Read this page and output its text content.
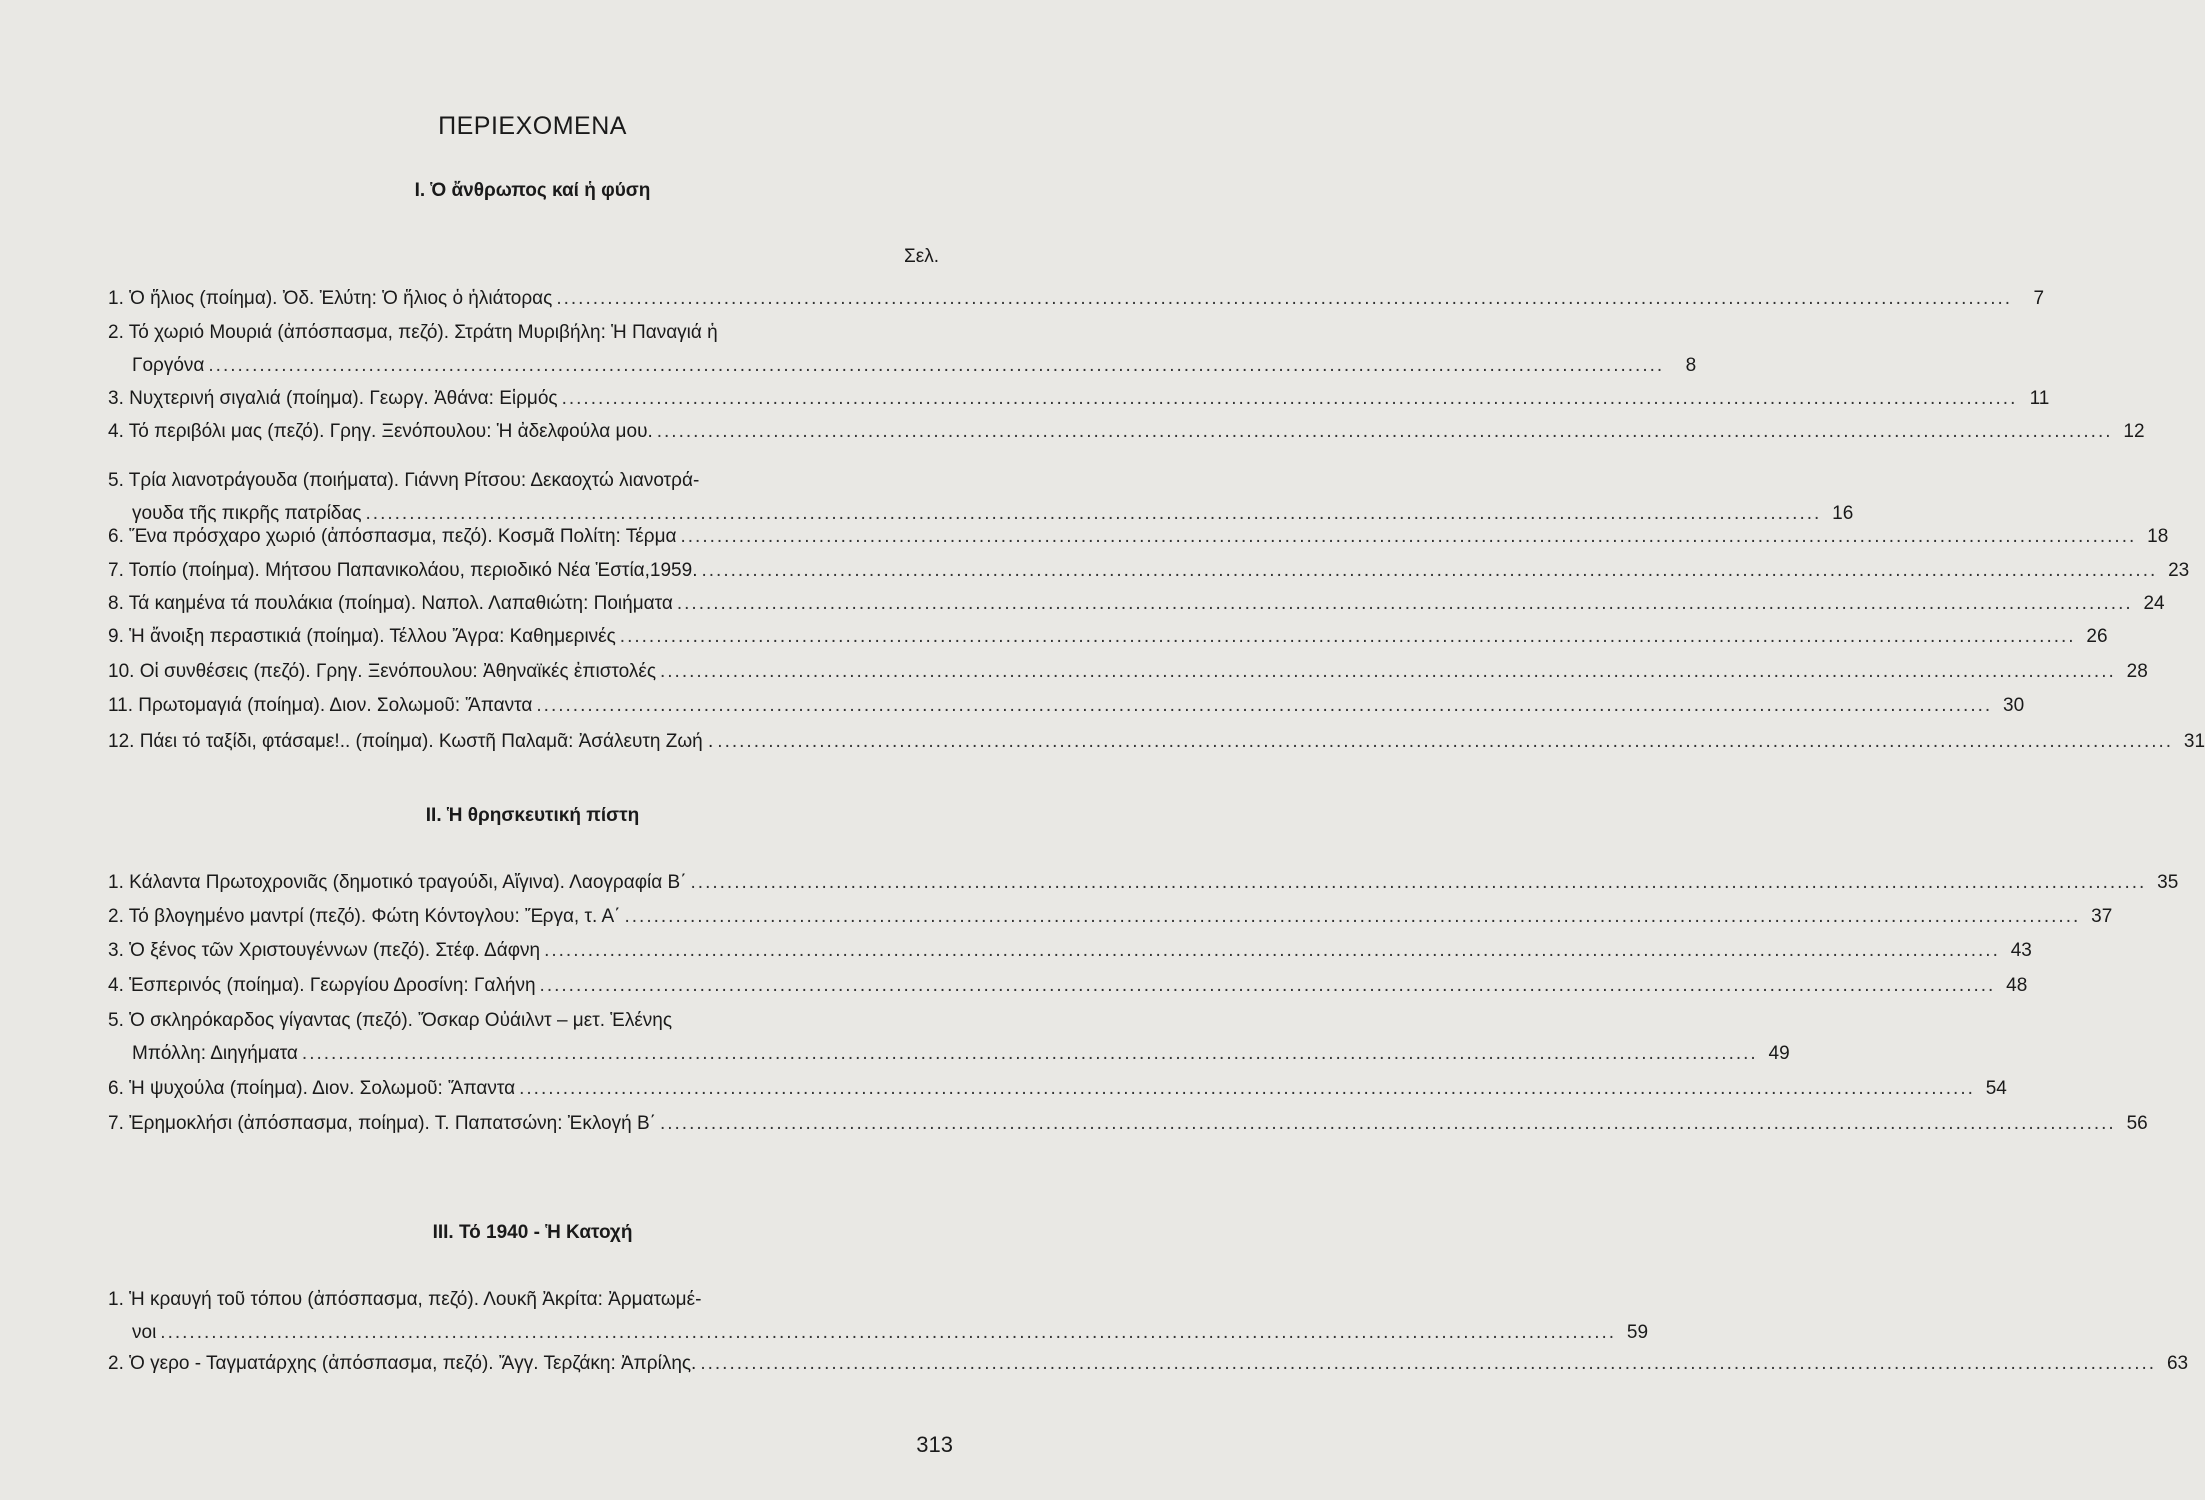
ΠΕΡΙΕΧΟΜΕΝΑ
I. Ὁ ἄνθρωπος καί ἡ φύση
Σελ.
1. Ὁ ἥλιος (ποίημα). Ὀδ. Ἐλύτη: Ὁ ἥλιος ὁ ἡλιάτορας ........................................................................................................................................................................................................	7
2. Τό χωριό Μουριά (ἀπόσπασμα, πεζό). Στράτη Μυριβήλη: Ἡ Παναγιά ἡ
Γοργόνα ........................................................................................................................................................................................................	8
3. Νυχτερινή σιγαλιά (ποίημα). Γεωργ. Ἀθάνα: Εἱρμός ........................................................................................................................................................................................................ 11
4. Τό περιβόλι μας (πεζό). Γρηγ. Ξενόπουλου: Ἡ ἀδελφούλα μου. ........................................................................................................................................................................................................ 12
5. Τρία λιανοτράγουδα (ποιήματα). Γιάννη Ρίτσου: Δεκαοχτώ λιανοτρά-
γουδα τῆς πικρῆς πατρίδας ........................................................................................................................................................................................................ 16
6. Ἕνα πρόσχαρο χωριό (ἀπόσπασμα, πεζό). Κοσμᾶ Πολίτη: Τέρμα ........................................................................................................................................................................................................ 18
7. Τοπίο (ποίημα). Μήτσου Παπανικολάου, περιοδικό Νέα Ἑστία,1959. ........................................................................................................................................................................................................ 23
8. Τά καημένα τά πουλάκια (ποίημα). Ναπολ. Λαπαθιώτη: Ποιήματα ........................................................................................................................................................................................................ 24
9. Ἡ ἄνοιξη περαστικιά (ποίημα). Τέλλου Ἄγρα: Καθημερινές ........................................................................................................................................................................................................ 26
10. Οἱ συνθέσεις (πεζό). Γρηγ. Ξενόπουλου: Ἀθηναϊκές ἐπιστολές ........................................................................................................................................................................................................ 28
11. Πρωτομαγιά (ποίημα). Διον. Σολωμοῦ: Ἅπαντα ........................................................................................................................................................................................................ 30
12. Πάει τό ταξίδι, φτάσαμε!.. (ποίημα). Κωστῆ Παλαμᾶ: Ἀσάλευτη Ζωή . ........................................................................................................................................................................................................ 31
II. Ἡ θρησκευτική πίστη
1. Κάλαντα Πρωτοχρονιᾶς (δημοτικό τραγούδι, Αἴγινα). Λαογραφία Β΄ ........................................................................................................................................................................................................ 35
2. Τό βλογημένο μαντρί (πεζό). Φώτη Κόντογλου: Ἔργα, τ. Α΄ ........................................................................................................................................................................................................ 37
3. Ὁ ξένος τῶν Χριστουγέννων (πεζό). Στέφ. Δάφνη ........................................................................................................................................................................................................ 43
4. Ἑσπερινός (ποίημα). Γεωργίου Δροσίνη: Γαλήνη ........................................................................................................................................................................................................ 48
5. Ὁ σκληρόκαρδος γίγαντας (πεζό). Ὄσκαρ Οὐάιλντ – μετ. Ἑλένης
Μπόλλη: Διηγήματα ........................................................................................................................................................................................................ 49
6. Ἡ ψυχούλα (ποίημα). Διον. Σολωμοῦ: Ἅπαντα ........................................................................................................................................................................................................ 54
7. Ἐρημοκλήσι (ἀπόσπασμα, ποίημα). Τ. Παπατσώνη: Ἐκλογή Β΄ ........................................................................................................................................................................................................ 56
III. Τό 1940 - Ἡ Κατοχή
1. Ἡ κραυγή τοῦ τόπου (ἀπόσπασμα, πεζό). Λουκῆ Ἀκρίτα: Ἀρματωμέ-
νοι ........................................................................................................................................................................................................ 59
2. Ὁ γερο - Ταγματάρχης (ἀπόσπασμα, πεζό). Ἄγγ. Τερζάκη: Ἀπρίλης. ........................................................................................................................................................................................................ 63
313
